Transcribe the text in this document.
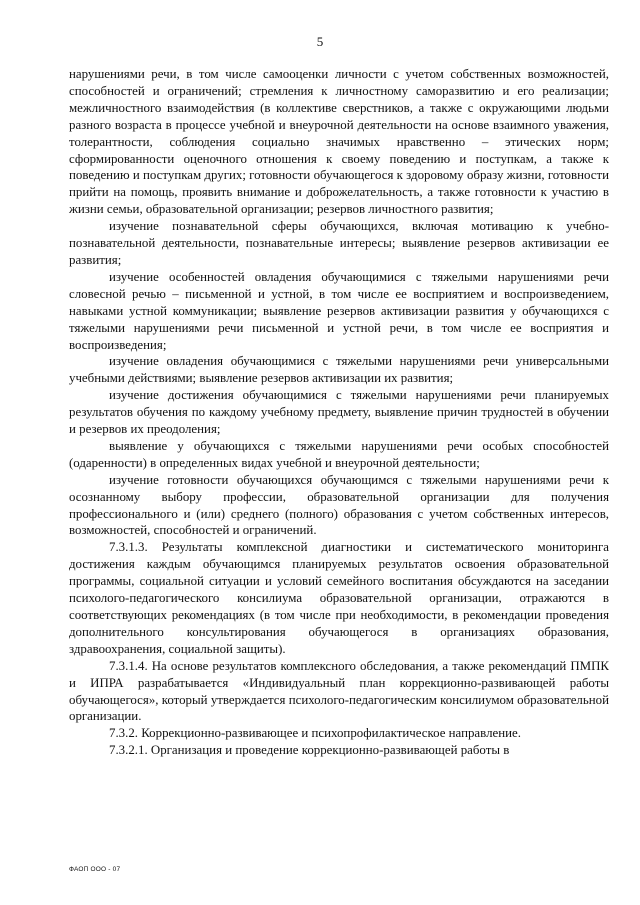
5

нарушениями речи, в том числе самооценки личности с учетом собственных возможностей, способностей и ограничений; стремления к личностному саморазвитию и его реализации; межличностного взаимодействия (в коллективе сверстников, а также с окружающими людьми разного возраста в процессе учебной и внеурочной деятельности на основе взаимного уважения, толерантности, соблюдения социально значимых нравственно – этических норм; сформированности оценочного отношения к своему поведению и поступкам, а также к поведению и поступкам других; готовности обучающегося к здоровому образу жизни, готовности прийти на помощь, проявить внимание и доброжелательность, а также готовности к участию в жизни семьи, образовательной организации; резервов личностного развития;

изучение познавательной сферы обучающихся, включая мотивацию к учебно-познавательной деятельности, познавательные интересы; выявление резервов активизации ее развития;

изучение особенностей овладения обучающимися с тяжелыми нарушениями речи словесной речью – письменной и устной, в том числе ее восприятием и воспроизведением, навыками устной коммуникации; выявление резервов активизации развития у обучающихся с тяжелыми нарушениями речи письменной и устной речи, в том числе ее восприятия и воспроизведения;

изучение овладения обучающимися с тяжелыми нарушениями речи универсальными учебными действиями; выявление резервов активизации их развития;

изучение достижения обучающимися с тяжелыми нарушениями речи планируемых результатов обучения по каждому учебному предмету, выявление причин трудностей в обучении и резервов их преодоления;

выявление у обучающихся с тяжелыми нарушениями речи особых способностей (одаренности) в определенных видах учебной и внеурочной деятельности;

изучение готовности обучающихся обучающимся с тяжелыми нарушениями речи к осознанному выбору профессии, образовательной организации для получения профессионального и (или) среднего (полного) образования с учетом собственных интересов, возможностей, способностей и ограничений.

7.3.1.3. Результаты комплексной диагностики и систематического мониторинга достижения каждым обучающимся планируемых результатов освоения образовательной программы, социальной ситуации и условий семейного воспитания обсуждаются на заседании психолого-педагогического консилиума образовательной организации, отражаются в соответствующих рекомендациях (в том числе при необходимости, в рекомендации проведения дополнительного консультирования обучающегося в организациях образования, здравоохранения, социальной защиты).

7.3.1.4. На основе результатов комплексного обследования, а также рекомендаций ПМПК и ИПРА разрабатывается «Индивидуальный план коррекционно-развивающей работы обучающегося», который утверждается психолого-педагогическим консилиумом образовательной организации.

7.3.2. Коррекционно-развивающее и психопрофилактическое направление.

7.3.2.1. Организация и проведение коррекционно-развивающей работы в

ФАОП ООО - 07
